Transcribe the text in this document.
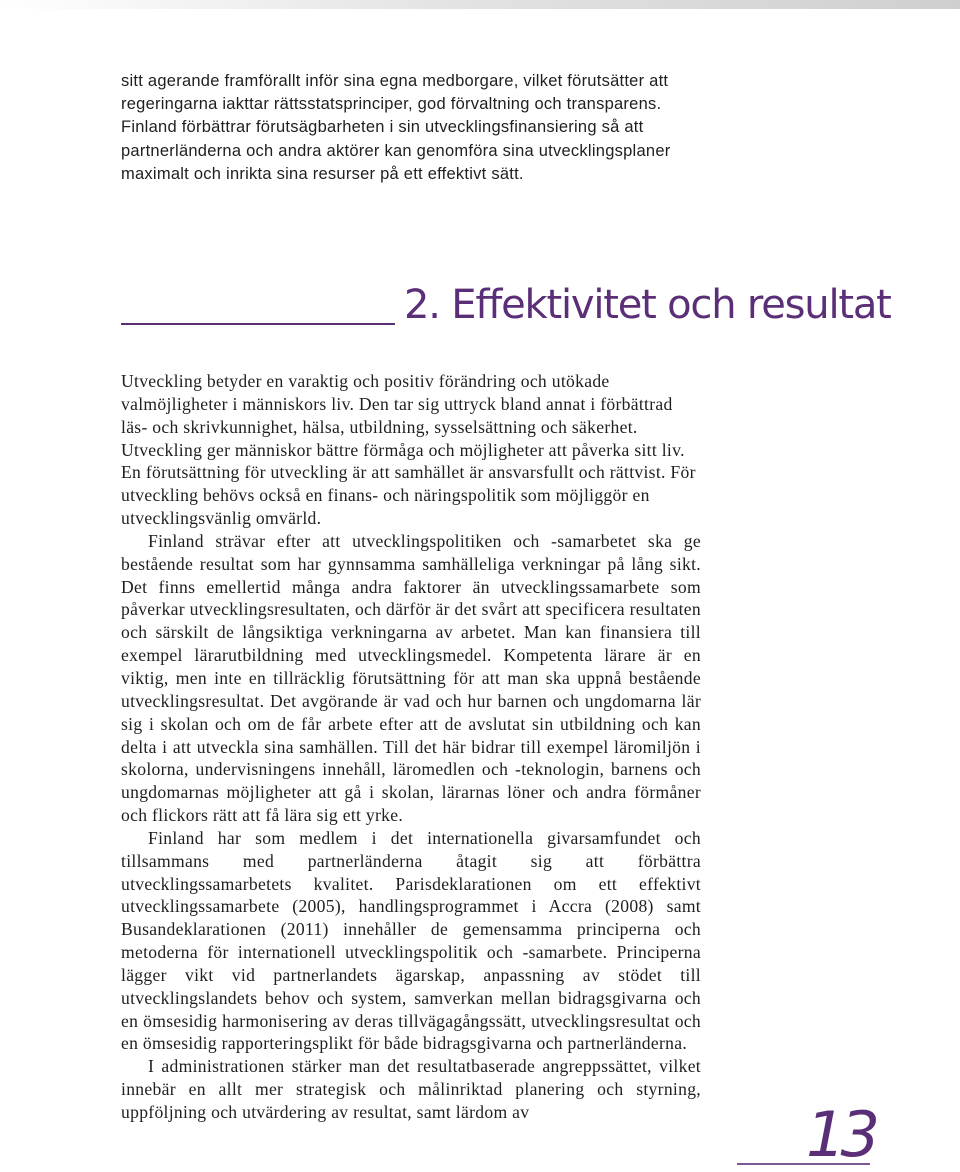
sitt agerande framförallt inför sina egna medborgare, vilket förutsätter att regeringarna iakttar rättsstatsprinciper, god förvaltning och transparens. Finland förbättrar förutsägbarheten i sin utvecklingsfinansiering så att partnerländerna och andra aktörer kan genomföra sina utvecklingsplaner maximalt och inrikta sina resurser på ett effektivt sätt.

2. Effektivitet och resultat

Utveckling betyder en varaktig och positiv förändring och utökade valmöjligheter i människors liv. Den tar sig uttryck bland annat i förbättrad läs- och skrivkunnighet, hälsa, utbildning, sysselsättning och säkerhet. Utveckling ger människor bättre förmåga och möjligheter att påverka sitt liv. En förutsättning för utveckling är att samhället är ansvarsfullt och rättvist. För utveckling behövs också en finans- och näringspolitik som möjliggör en utvecklingsvänlig omvärld.

Finland strävar efter att utvecklingspolitiken och -samarbetet ska ge bestående resultat som har gynnsamma samhälleliga verkningar på lång sikt. Det finns emellertid många andra faktorer än utvecklingssamarbete som påverkar utvecklingsresultaten, och därför är det svårt att specificera resultaten och särskilt de långsiktiga verkningarna av arbetet. Man kan finansiera till exempel lärarutbildning med utvecklingsmedel. Kompetenta lärare är en viktig, men inte en tillräcklig förutsättning för att man ska uppnå bestående utvecklingsresultat. Det avgörande är vad och hur barnen och ungdomarna lär sig i skolan och om de får arbete efter att de avslutat sin utbildning och kan delta i att utveckla sina samhällen. Till det här bidrar till exempel läromiljön i skolorna, undervisningens innehåll, läromedlen och -teknologin, barnens och ungdomarnas möjligheter att gå i skolan, lärarnas löner och andra förmåner och flickors rätt att få lära sig ett yrke.

Finland har som medlem i det internationella givarsamfundet och tillsammans med partnerländerna åtagit sig att förbättra utvecklingssamarbetets kvalitet. Parisdeklarationen om ett effektivt utvecklingssamarbete (2005), handlingsprogrammet i Accra (2008) samt Busandeklarationen (2011) innehåller de gemensamma principerna och metoderna för internationell utvecklingspolitik och -samarbete. Principerna lägger vikt vid partnerlandets ägarskap, anpassning av stödet till utvecklingslandets behov och system, samverkan mellan bidragsgivarna och en ömsesidig harmonisering av deras tillvägagångssätt, utvecklingsresultat och en ömsesidig rapporteringsplikt för både bidragsgivarna och partnerländerna.

I administrationen stärker man det resultatbaserade angreppssättet, vilket innebär en allt mer strategisk och målinriktad planering och styrning, uppföljning och utvärdering av resultat, samt lärdom av	13
